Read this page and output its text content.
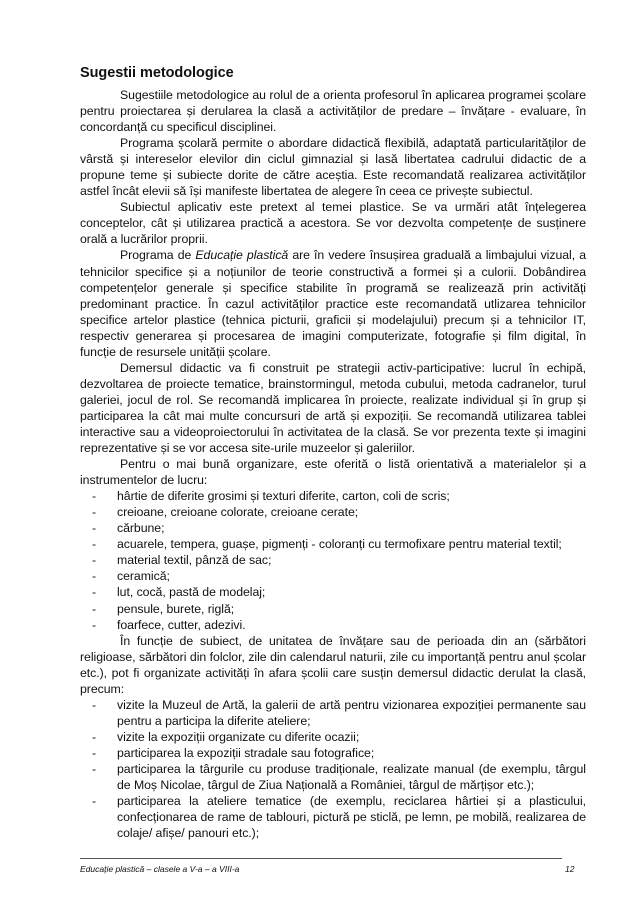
Sugestii metodologice

Sugestiile metodologice au rolul de a orienta profesorul în aplicarea programei școlare pentru proiectarea și derularea la clasă a activităților de predare – învățare - evaluare, în concordanță cu specificul disciplinei.

Programa școlară permite o abordare didactică flexibilă, adaptată particularităților de vârstă și intereselor elevilor din ciclul gimnazial și lasă libertatea cadrului didactic de a propune teme și subiecte dorite de către aceștia. Este recomandată realizarea activităților astfel încât elevii să își manifeste libertatea de alegere în ceea ce privește subiectul.

Subiectul aplicativ este pretext al temei plastice. Se va urmări atât înțelegerea conceptelor, cât și utilizarea practică a acestora. Se vor dezvolta competențe de susținere orală a lucrărilor proprii.

Programa de Educație plastică are în vedere însușirea graduală a limbajului vizual, a tehnicilor specifice și a noțiunilor de teorie constructivă a formei și a culorii. Dobândirea competențelor generale și specifice stabilite în programă se realizează prin activități predominant practice. În cazul activităților practice este recomandată utlizarea tehnicilor specifice artelor plastice (tehnica picturii, graficii și modelajului) precum și a tehnicilor IT, respectiv generarea și procesarea de imagini computerizate, fotografie și film digital, în funcție de resursele unității școlare.

Demersul didactic va fi construit pe strategii activ-participative: lucrul în echipă, dezvoltarea de proiecte tematice, brainstormingul, metoda cubului, metoda cadranelor, turul galeriei, jocul de rol. Se recomandă implicarea în proiecte, realizate individual și în grup și participarea la cât mai multe concursuri de artă și expoziții. Se recomandă utilizarea tablei interactive sau a videoproiectorului în activitatea de la clasă. Se vor prezenta texte și imagini reprezentative și se vor accesa site-urile muzeelor și galeriilor.

Pentru o mai bună organizare, este oferită o listă orientativă a materialelor și a instrumentelor de lucru:

- hârtie de diferite grosimi și texturi diferite, carton, coli de scris;
- creioane, creioane colorate, creioane cerate;
- cărbune;
- acuarele, tempera, guașe, pigmenți - coloranți cu termofixare pentru material textil;
- material textil, pânză de sac;
- ceramică;
- lut, cocă, pastă de modelaj;
- pensule, burete, riglă;
- foarfece, cutter, adezivi.

În funcție de subiect, de unitatea de învățare sau de perioada din an (sărbători religioase, sărbători din folclor, zile din calendarul naturii, zile cu importanță pentru anul școlar etc.), pot fi organizate activități în afara școlii care susțin demersul didactic derulat la clasă, precum:

- vizite la Muzeul de Artă, la galerii de artă pentru vizionarea expoziției permanente sau pentru a participa la diferite ateliere;
- vizite la expoziții organizate cu diferite ocazii;
- participarea la expoziții stradale sau fotografice;
- participarea la târgurile cu produse tradiționale, realizate manual (de exemplu, târgul de Moș Nicolae, târgul de Ziua Națională a României, târgul de mărțișor etc.);
- participarea la ateliere tematice (de exemplu, reciclarea hârtiei și a plasticului, confecționarea de rame de tablouri, pictură pe sticlă, pe lemn, pe mobilă, realizarea de colaje/ afișe/ panouri etc.);
Educație plastică – clasele a V-a – a VIII-a	12
